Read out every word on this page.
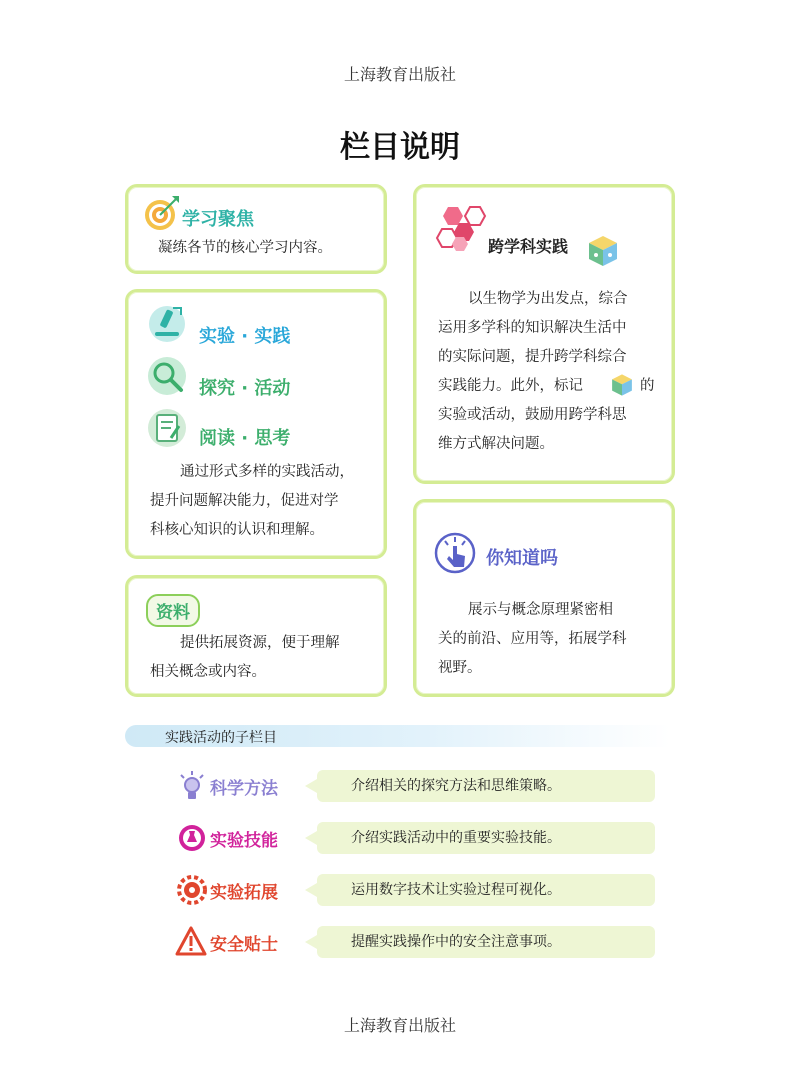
上海教育出版社
栏目说明
学习聚焦
凝练各节的核心学习内容。
实验 · 实践
探究 · 活动
阅读 · 思考
通过形式多样的实践活动，
提升问题解决能力，促进对学
科核心知识的认识和理解。
资料
提供拓展资源，便于理解
相关概念或内容。
跨学科实践
以生物学为出发点，综合
运用多学科的知识解决生活中
的实际问题，提升跨学科综合
实践能力。此外，标记	的
实验或活动，鼓励用跨学科思
维方式解决问题。
你知道吗
展示与概念原理紧密相
关的前沿、应用等，拓展学科
视野。
实践活动的子栏目
科学方法	介绍相关的探究方法和思维策略。
实验技能	介绍实践活动中的重要实验技能。
实验拓展	运用数字技术让实验过程可视化。
安全贴士	提醒实践操作中的安全注意事项。
上海教育出版社
